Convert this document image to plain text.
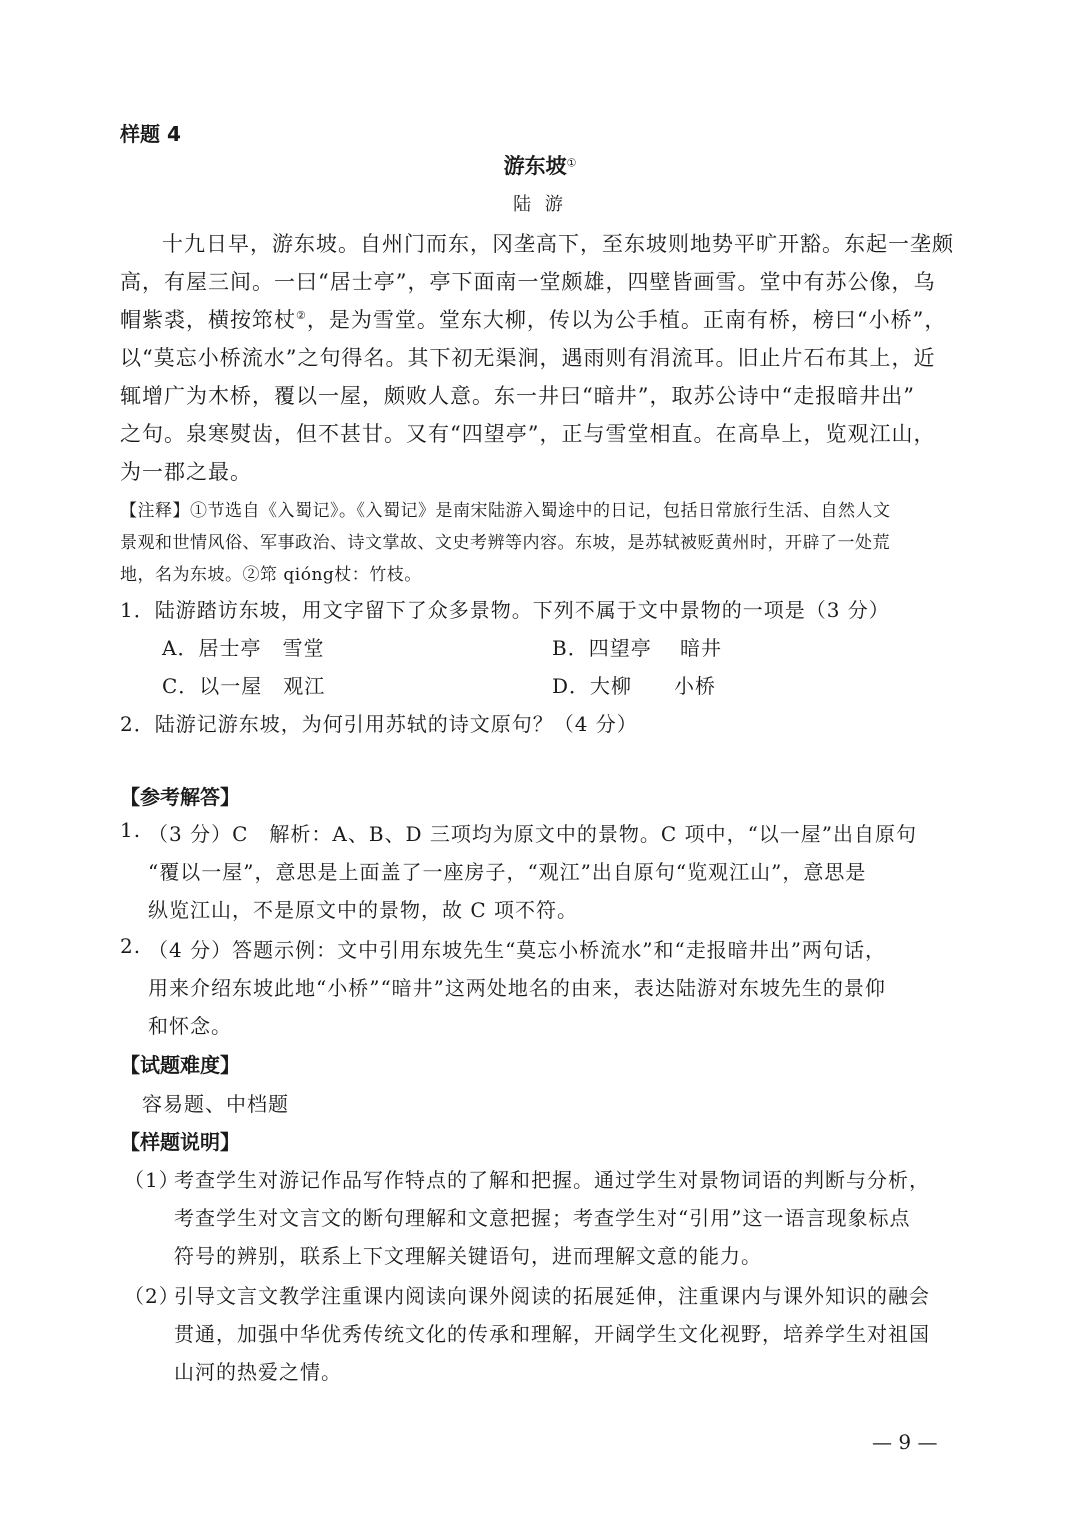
样题 4
游东坡①
陆 游
十九日早，游东坡。自州门而东，冈垄高下，至东坡则地势平旷开豁。东起一垄颇
高，有屋三间。一曰“居士亭”，亭下面南一堂颇雄，四壁皆画雪。堂中有苏公像，乌
帽紫裘，横按筇杖②，是为雪堂。堂东大柳，传以为公手植。正南有桥，榜曰“小桥”，
以“莫忘小桥流水”之句得名。其下初无渠涧，遇雨则有涓流耳。旧止片石布其上，近
辄增广为木桥，覆以一屋，颇败人意。东一井曰“暗井”，取苏公诗中“走报暗井出”
之句。泉寒熨齿，但不甚甘。又有“四望亭”，正与雪堂相直。在高阜上，览观江山，
为一郡之最。
【注释】①节选自《入蜀记》。《入蜀记》是南宋陆游入蜀途中的日记，包括日常旅行生活、自然人文
景观和世情风俗、军事政治、诗文掌故、文史考辨等内容。东坡，是苏轼被贬黄州时，开辟了一处荒
地，名为东坡。②筇 qióng杖：竹枝。
1．陆游踏访东坡，用文字留下了众多景物。下列不属于文中景物的一项是（3 分）
A．居士亭　雪堂	B．四望亭　 暗井
C．以一屋　观江	D．大柳　　小桥
2．陆游记游东坡，为何引用苏轼的诗文原句？（4 分）
【参考解答】
1. （3 分）C　解析：A、B、D 三项均为原文中的景物。C 项中，“以一屋”出自原句
“覆以一屋”，意思是上面盖了一座房子，“观江”出自原句“览观江山”，意思是
纵览江山，不是原文中的景物，故 C 项不符。
2. （4 分）答题示例：文中引用东坡先生“莫忘小桥流水”和“走报暗井出”两句话，
用来介绍东坡此地“小桥”“暗井”这两处地名的由来，表达陆游对东坡先生的景仰
和怀念。
【试题难度】
容易题、中档题
【样题说明】
（1）
考查学生对游记作品写作特点的了解和把握。通过学生对景物词语的判断与分析，
考查学生对文言文的断句理解和文意把握；考查学生对“引用”这一语言现象标点
符号的辨别，联系上下文理解关键语句，进而理解文意的能力。
（2）
引导文言文教学注重课内阅读向课外阅读的拓展延伸，注重课内与课外知识的融会
贯通，加强中华优秀传统文化的传承和理解，开阔学生文化视野，培养学生对祖国
山河的热爱之情。
— 9 —
